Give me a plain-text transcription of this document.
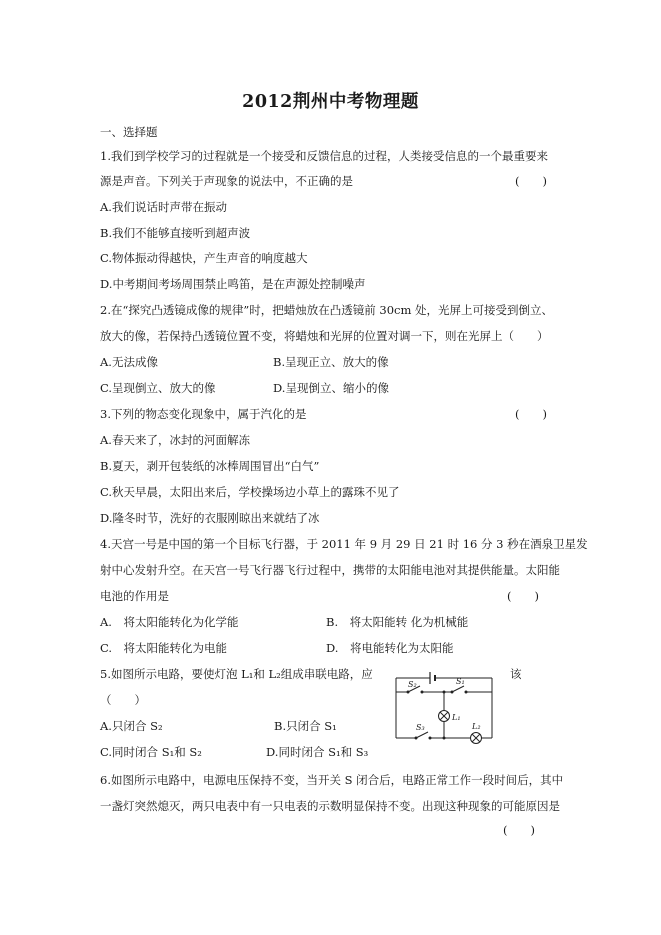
2012荆州中考物理题
一、选择题
1.我们到学校学习的过程就是一个接受和反馈信息的过程，人类接受信息的一个最重要来
源是声音。下列关于声现象的说法中，不正确的是	(　　)
A.我们说话时声带在振动
B.我们不能够直接听到超声波
C.物体振动得越快，产生声音的响度越大
D.中考期间考场周围禁止鸣笛，是在声源处控制噪声
2.在“探究凸透镜成像的规律”时，把蜡烛放在凸透镜前 30cm 处，光屏上可接受到倒立、
放大的像，若保持凸透镜位置不变，将蜡烛和光屏的位置对调一下，则在光屏上（　　）
A.无法成像	B.呈现正立、放大的像
C.呈现倒立、放大的像	D.呈现倒立、缩小的像
3.下列的物态变化现象中，属于汽化的是	(　　)
A.春天来了，冰封的河面解冻
B.夏天，剥开包装纸的冰棒周围冒出“白气”
C.秋天早晨，太阳出来后，学校操场边小草上的露珠不见了
D.隆冬时节，洗好的衣服刚晾出来就结了冰
4.天宫一号是中国的第一个目标飞行器，于 2011 年 9 月 29 日 21 时 16 分 3 秒在酒泉卫星发
射中心发射升空。在天宫一号飞行器飞行过程中，携带的太阳能电池对其提供能量。太阳能
电池的作用是	(　　)
A.　将太阳能转化为化学能	B.　将太阳能转 化为机械能
C.　将太阳能转化为电能	D.　将电能转化为太阳能
5.如图所示电路，要使灯泡 L₁和 L₂组成串联电路，应	该
（　　）
A.只闭合 S₂	B.只闭合 S₁
C.同时闭合 S₁和 S₂	D.同时闭合 S₁和 S₃
S₂	S₁
L₁
S₃	L₂
6.如图所示电路中，电源电压保持不变，当开关 S 闭合后，电路正常工作一段时间后，其中
一盏灯突然熄灭，两只电表中有一只电表的示数明显保持不变。出现这种现象的可能原因是
(　　)
